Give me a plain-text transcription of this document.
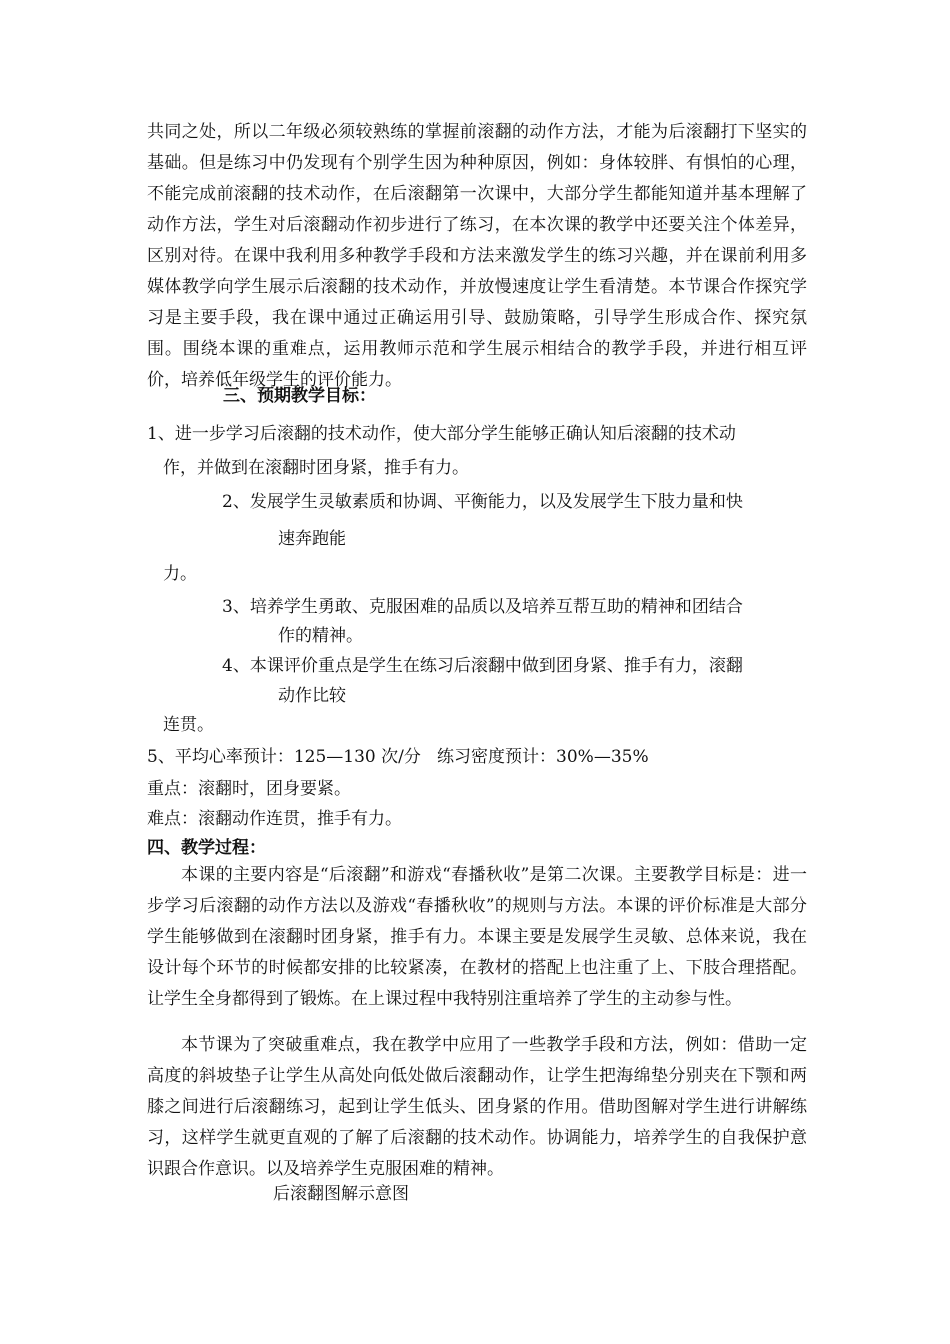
共同之处，所以二年级必须较熟练的掌握前滚翻的动作方法，才能为后滚翻打下坚实的基础。但是练习中仍发现有个别学生因为种种原因，例如：身体较胖、有惧怕的心理，不能完成前滚翻的技术动作，在后滚翻第一次课中，大部分学生都能知道并基本理解了动作方法，学生对后滚翻动作初步进行了练习，在本次课的教学中还要关注个体差异，区别对待。在课中我利用多种教学手段和方法来激发学生的练习兴趣，并在课前利用多媒体教学向学生展示后滚翻的技术动作，并放慢速度让学生看清楚。本节课合作探究学习是主要手段，我在课中通过正确运用引导、鼓励策略，引导学生形成合作、探究氛围。围绕本课的重难点，运用教师示范和学生展示相结合的教学手段，并进行相互评价，培养低年级学生的评价能力。

三、预期教学目标：

1、进一步学习后滚翻的技术动作，使大部分学生能够正确认知后滚翻的技术动

作，并做到在滚翻时团身紧，推手有力。

2、发展学生灵敏素质和协调、平衡能力，以及发展学生下肢力量和快

速奔跑能

力。

3、培养学生勇敢、克服困难的品质以及培养互帮互助的精神和团结合

作的精神。

4、本课评价重点是学生在练习后滚翻中做到团身紧、推手有力，滚翻

动作比较

连贯。

5、平均心率预计：125—130 次/分   练习密度预计：30%—35%

重点：滚翻时，团身要紧。

难点：滚翻动作连贯，推手有力。

四、教学过程：

本课的主要内容是“后滚翻”和游戏“春播秋收”是第二次课。主要教学目标是：进一步学习后滚翻的动作方法以及游戏“春播秋收”的规则与方法。本课的评价标准是大部分学生能够做到在滚翻时团身紧，推手有力。本课主要是发展学生灵敏、总体来说，我在设计每个环节的时候都安排的比较紧凑，在教材的搭配上也注重了上、下肢合理搭配。让学生全身都得到了锻炼。在上课过程中我特别注重培养了学生的主动参与性。

本节课为了突破重难点，我在教学中应用了一些教学手段和方法，例如：借助一定高度的斜坡垫子让学生从高处向低处做后滚翻动作，让学生把海绵垫分别夹在下颚和两膝之间进行后滚翻练习，起到让学生低头、团身紧的作用。借助图解对学生进行讲解练习，这样学生就更直观的了解了后滚翻的技术动作。协调能力，培养学生的自我保护意识跟合作意识。以及培养学生克服困难的精神。

后滚翻图解示意图
